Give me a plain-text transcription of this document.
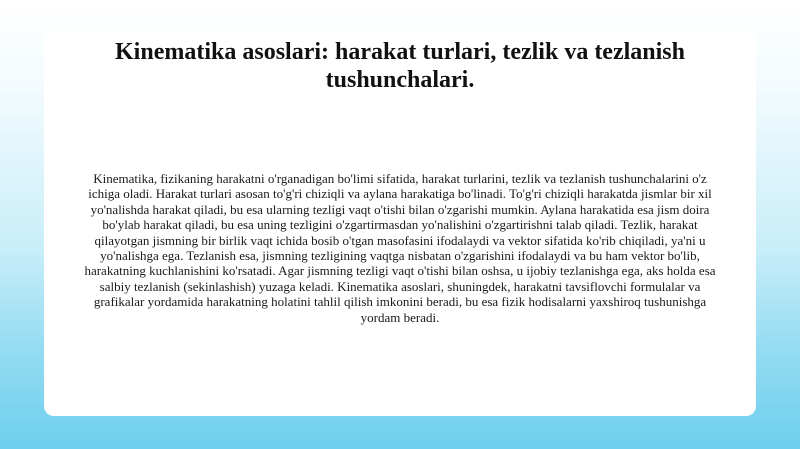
Kinematika asoslari: harakat turlari, tezlik va tezlanish tushunchalari.

Kinematika, fizikaning harakatni o'rganadigan bo'limi sifatida, harakat turlarini, tezlik va tezlanish tushunchalarini o'z ichiga oladi. Harakat turlari asosan to'g'ri chiziqli va aylana harakatiga bo'linadi. To'g'ri chiziqli harakatda jismlar bir xil yo'nalishda harakat qiladi, bu esa ularning tezligi vaqt o'tishi bilan o'zgarishi mumkin. Aylana harakatida esa jism doira bo'ylab harakat qiladi, bu esa uning tezligini o'zgartirmasdan yo'nalishini o'zgartirishni talab qiladi. Tezlik, harakat qilayotgan jismning bir birlik vaqt ichida bosib o'tgan masofasini ifodalaydi va vektor sifatida ko'rib chiqiladi, ya'ni u yo'nalishga ega. Tezlanish esa, jismning tezligining vaqtga nisbatan o'zgarishini ifodalaydi va bu ham vektor bo'lib, harakatning kuchlanishini ko'rsatadi. Agar jismning tezligi vaqt o'tishi bilan oshsa, u ijobiy tezlanishga ega, aks holda esa salbiy tezlanish (sekinlashish) yuzaga keladi. Kinematika asoslari, shuningdek, harakatni tavsiflovchi formulalar va grafikalar yordamida harakatning holatini tahlil qilish imkonini beradi, bu esa fizik hodisalarni yaxshiroq tushunishga yordam beradi.
